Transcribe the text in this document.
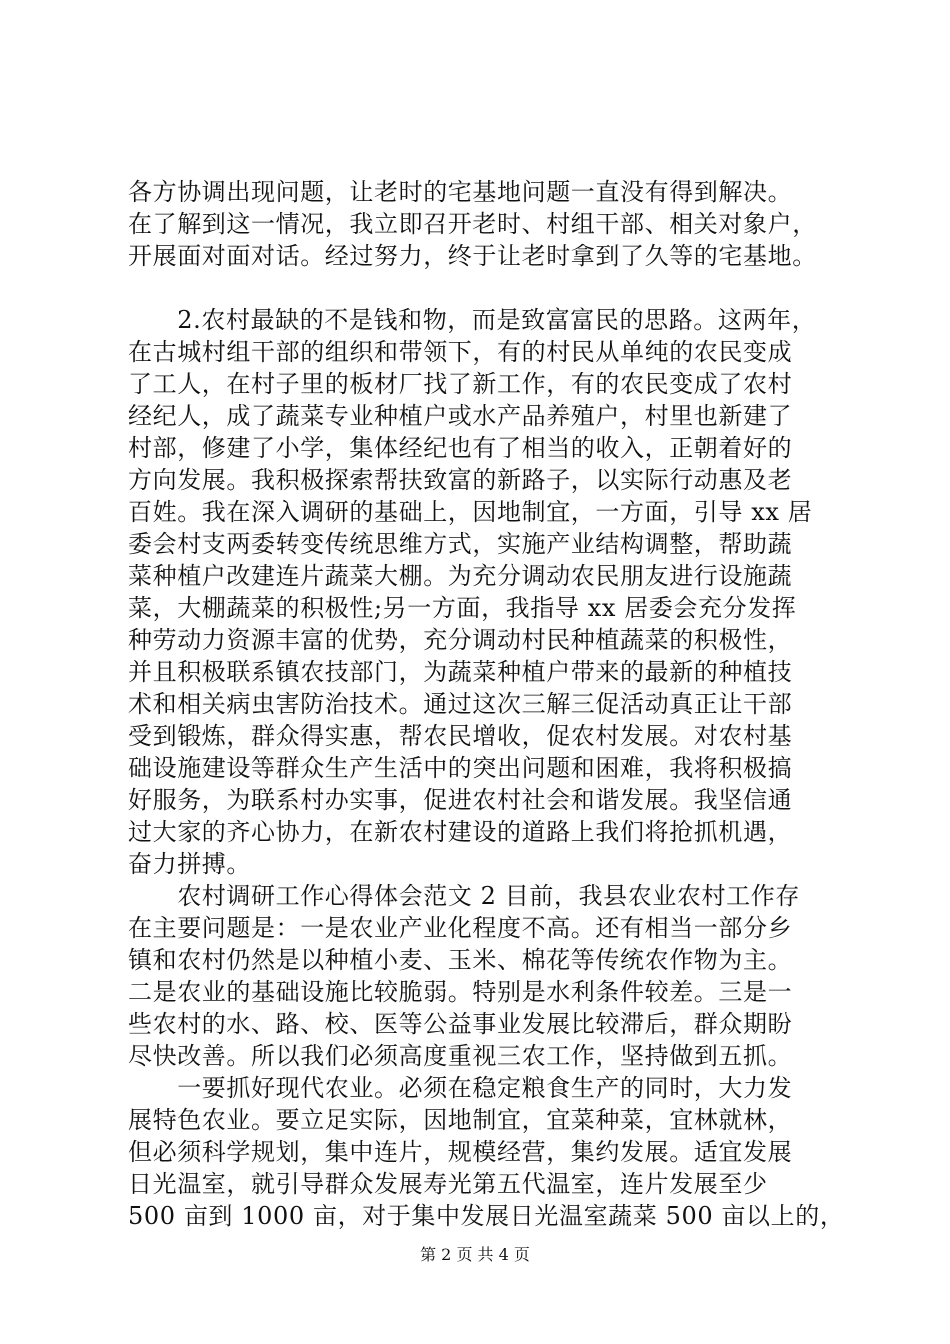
各方协调出现问题，让老时的宅基地问题一直没有得到解决。
在了解到这一情况，我立即召开老时、村组干部、相关对象户，
开展面对面对话。经过努力，终于让老时拿到了久等的宅基地。
　　2.农村最缺的不是钱和物，而是致富富民的思路。这两年，
在古城村组干部的组织和带领下，有的村民从单纯的农民变成
了工人，在村子里的板材厂找了新工作，有的农民变成了农村
经纪人，成了蔬菜专业种植户或水产品养殖户，村里也新建了
村部，修建了小学，集体经纪也有了相当的收入，正朝着好的
方向发展。我积极探索帮扶致富的新路子，以实际行动惠及老
百姓。我在深入调研的基础上，因地制宜，一方面，引导 xx 居
委会村支两委转变传统思维方式，实施产业结构调整，帮助蔬
菜种植户改建连片蔬菜大棚。为充分调动农民朋友进行设施蔬
菜，大棚蔬菜的积极性;另一方面，我指导 xx 居委会充分发挥
种劳动力资源丰富的优势，充分调动村民种植蔬菜的积极性，
并且积极联系镇农技部门，为蔬菜种植户带来的最新的种植技
术和相关病虫害防治技术。通过这次三解三促活动真正让干部
受到锻炼，群众得实惠，帮农民增收，促农村发展。对农村基
础设施建设等群众生产生活中的突出问题和困难，我将积极搞
好服务，为联系村办实事，促进农村社会和谐发展。我坚信通
过大家的齐心协力，在新农村建设的道路上我们将抢抓机遇，
奋力拼搏。
　　农村调研工作心得体会范文 2 目前，我县农业农村工作存
在主要问题是：一是农业产业化程度不高。还有相当一部分乡
镇和农村仍然是以种植小麦、玉米、棉花等传统农作物为主。
二是农业的基础设施比较脆弱。特别是水利条件较差。三是一
些农村的水、路、校、医等公益事业发展比较滞后，群众期盼
尽快改善。所以我们必须高度重视三农工作，坚持做到五抓。
　　一要抓好现代农业。必须在稳定粮食生产的同时，大力发
展特色农业。要立足实际，因地制宜，宜菜种菜，宜林就林，
但必须科学规划，集中连片，规模经营，集约发展。适宜发展
日光温室，就引导群众发展寿光第五代温室，连片发展至少
500 亩到 1000 亩，对于集中发展日光温室蔬菜 500 亩以上的，
第 2 页 共 4 页
